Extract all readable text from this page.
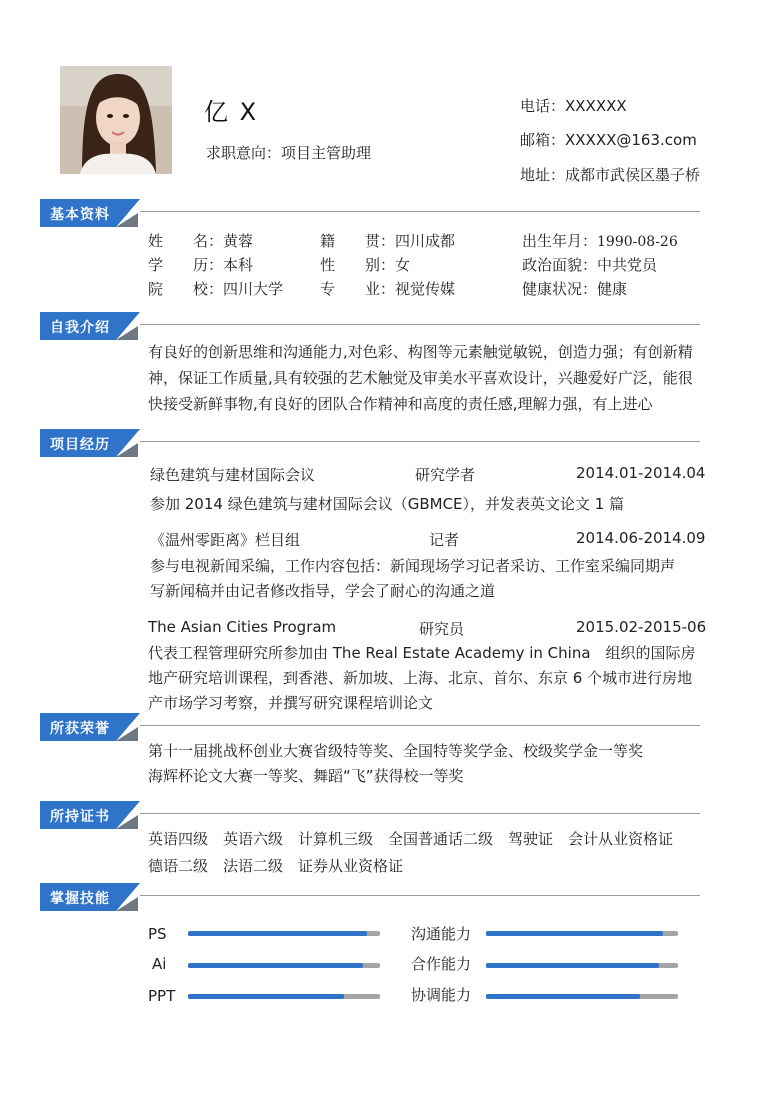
亿 X
求职意向：项目主管助理
电话：XXXXXX
邮箱：XXXXX@163.com
地址：成都市武侯区墨子桥
基本资料
姓　　名：黄蓉	籍　　贯：四川成都	出生年月：1990-08-26
学　　历：本科	性　　别：女	政治面貌：中共党员
院　　校：四川大学 专　　业：视觉传媒	健康状况：健康
自我介绍
有良好的创新思维和沟通能力,对色彩、构图等元素触觉敏锐，创造力强；有创新精
神，保证工作质量,具有较强的艺术触觉及审美水平喜欢设计，兴趣爱好广泛，能很
快接受新鲜事物,有良好的团队合作精神和高度的责任感,理解力强，有上进心
项目经历
绿色建筑与建材国际会议	研究学者	2014.01-2014.04
参加 2014 绿色建筑与建材国际会议（GBMCE），并发表英文论文 1 篇
《温州零距离》栏目组	记者	2014.06-2014.09
参与电视新闻采编，工作内容包括：新闻现场学习记者采访、工作室采编同期声
写新闻稿并由记者修改指导，学会了耐心的沟通之道
The Asian Cities Program	研究员	2015.02-2015-06
代表工程管理研究所参加由 The Real Estate Academy in China　组织的国际房
地产研究培训课程，到香港、新加坡、上海、北京、首尔、东京 6 个城市进行房地
产市场学习考察，并撰写研究课程培训论文
所获荣誉
第十一届挑战杯创业大赛省级特等奖、全国特等奖学金、校级奖学金一等奖
海辉杯论文大赛一等奖、舞蹈“飞”获得校一等奖
所持证书
英语四级　英语六级　计算机三级　全国普通话二级　驾驶证　会计从业资格证
德语二级　法语二级　证券从业资格证
掌握技能
PS
Ai
PPT
沟通能力
合作能力
协调能力
